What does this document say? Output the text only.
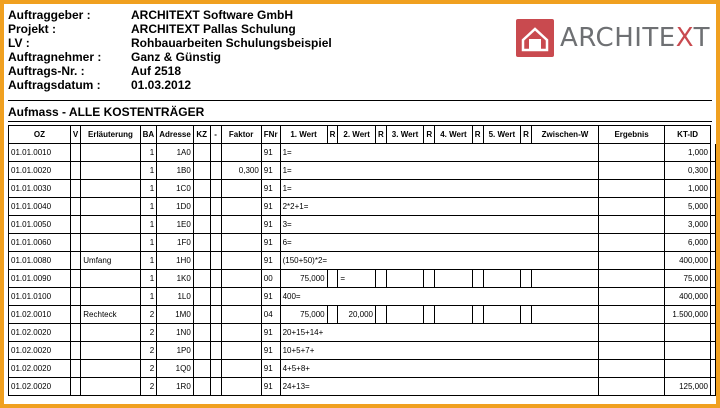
Auftraggeber :	ARCHITEXT Software GmbH
Projekt :	ARCHITEXT Pallas Schulung
LV :	Rohbauarbeiten Schulungsbeispiel
Auftragnehmer : Ganz & Günstig
Auftrags-Nr. :	Auf 2518
Auftragsdatum :	01.03.2012
ARCHITEXT
Aufmass - ALLE KOSTENTRÄGER
OZ	V	Erläuterung	BA	Adresse	KZ	-	Faktor	FNr	1. Wert	R	2. Wert	R	3. Wert	R	4. Wert	R	5. Wert	R	Zwischen-W	Ergebnis	KT-ID	
01.01.0010			1	1A0				91	1=												1,000	
01.01.0020			1	1B0			0,300	91	1=												0,300	
01.01.0030			1	1C0				91	1=												1,000	
01.01.0040			1	1D0				91	2*2+1=												5,000	
01.01.0050			1	1E0				91	3=												3,000	
01.01.0060			1	1F0				91	6=												6,000	
01.01.0080		Umfang	1	1H0				91	(150+50)*2=												400,000	
01.01.0090			1	1K0				00	75,000		=										75,000	
01.01.0100			1	1L0				91	400=												400,000	
01.02.0010		Rechteck	2	1M0				04	75,000		20,000										1.500,000	
01.02.0020			2	1N0				91	20+15+14+													
01.02.0020			2	1P0				91	10+5+7+													
01.02.0020			2	1Q0				91	4+5+8+													
01.02.0020			2	1R0				91	24+13=												125,000	
